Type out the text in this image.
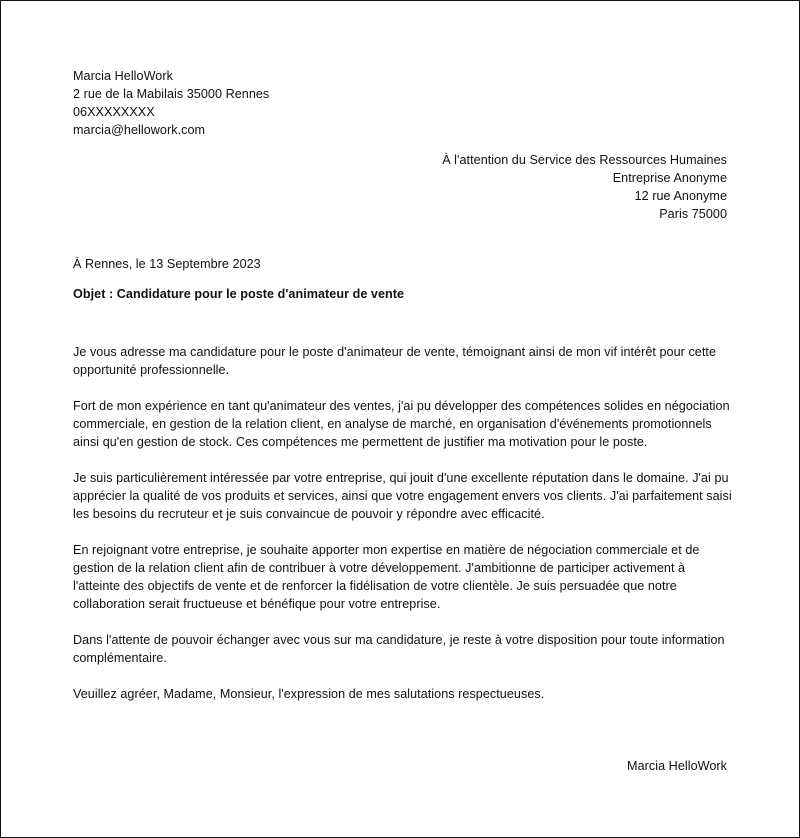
Marcia HelloWork
2 rue de la Mabilais 35000 Rennes
06XXXXXXXX
marcia@hellowork.com
À l'attention du Service des Ressources Humaines
Entreprise Anonyme
12 rue Anonyme
Paris 75000
À Rennes, le 13 Septembre 2023
Objet : Candidature pour le poste d'animateur de vente

Je vous adresse ma candidature pour le poste d'animateur de vente, témoignant ainsi de mon vif intérêt pour cette opportunité professionnelle.

Fort de mon expérience en tant qu'animateur des ventes, j'ai pu développer des compétences solides en négociation commerciale, en gestion de la relation client, en analyse de marché, en organisation d'événements promotionnels ainsi qu'en gestion de stock. Ces compétences me permettent de justifier ma motivation pour le poste.

Je suis particulièrement intéressée par votre entreprise, qui jouit d'une excellente réputation dans le domaine. J'ai pu apprécier la qualité de vos produits et services, ainsi que votre engagement envers vos clients. J'ai parfaitement saisi les besoins du recruteur et je suis convaincue de pouvoir y répondre avec efficacité.

En rejoignant votre entreprise, je souhaite apporter mon expertise en matière de négociation commerciale et de gestion de la relation client afin de contribuer à votre développement. J'ambitionne de participer activement à l'atteinte des objectifs de vente et de renforcer la fidélisation de votre clientèle. Je suis persuadée que notre collaboration serait fructueuse et bénéfique pour votre entreprise.

Dans l'attente de pouvoir échanger avec vous sur ma candidature, je reste à votre disposition pour toute information complémentaire.

Veuillez agréer, Madame, Monsieur, l'expression de mes salutations respectueuses.

Marcia HelloWork
